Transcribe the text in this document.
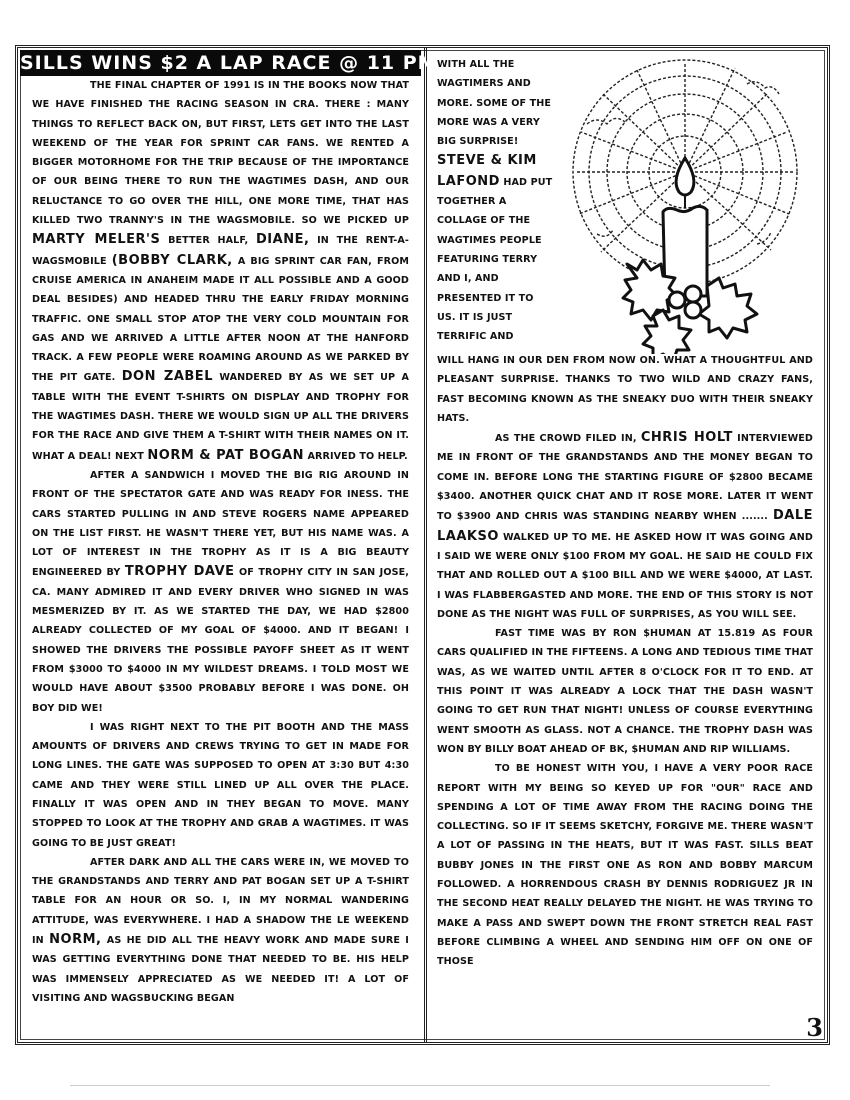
SILLS WINS $2 A LAP RACE @ 11 PM

THE FINAL CHAPTER OF 1991 IS IN THE BOOKS NOW THAT WE HAVE FINISHED THE RACING SEASON IN CRA. THERE : MANY THINGS TO REFLECT BACK ON, BUT FIRST, LETS GET INTO THE LAST WEEKEND OF THE YEAR FOR SPRINT CAR FANS. WE RENTED A BIGGER MOTORHOME FOR THE TRIP BECAUSE OF THE IMPORTANCE OF OUR BEING THERE TO RUN THE WAGTIMES DASH, AND OUR RELUCTANCE TO GO OVER THE HILL, ONE MORE TIME, THAT HAS KILLED TWO TRANNY'S IN THE WAGSMOBILE. SO WE PICKED UP MARTY MELER'S BETTER HALF, DIANE, IN THE RENT-A-WAGSMOBILE (BOBBY CLARK, A BIG SPRINT CAR FAN, FROM CRUISE AMERICA IN ANAHEIM MADE IT ALL POSSIBLE AND A GOOD DEAL BESIDES) AND HEADED THRU THE EARLY FRIDAY MORNING TRAFFIC. ONE SMALL STOP ATOP THE VERY COLD MOUNTAIN FOR GAS AND WE ARRIVED A LITTLE AFTER NOON AT THE HANFORD TRACK. A FEW PEOPLE WERE ROAMING AROUND AS WE PARKED BY THE PIT GATE. DON ZABEL WANDERED BY AS WE SET UP A TABLE WITH THE EVENT T-SHIRTS ON DISPLAY AND TROPHY FOR THE WAGTIMES DASH. THERE WE WOULD SIGN UP ALL THE DRIVERS FOR THE RACE AND GIVE THEM A T-SHIRT WITH THEIR NAMES ON IT. WHAT A DEAL! NEXT NORM & PAT BOGAN ARRIVED TO HELP.

AFTER A SANDWICH I MOVED THE BIG RIG AROUND IN FRONT OF THE SPECTATOR GATE AND WAS READY FOR INESS. THE CARS STARTED PULLING IN AND STEVE ROGERS NAME APPEARED ON THE LIST FIRST. HE WASN'T THERE YET, BUT HIS NAME WAS. A LOT OF INTEREST IN THE TROPHY AS IT IS A BIG BEAUTY ENGINEERED BY TROPHY DAVE OF TROPHY CITY IN SAN JOSE, CA. MANY ADMIRED IT AND EVERY DRIVER WHO SIGNED IN WAS MESMERIZED BY IT. AS WE STARTED THE DAY, WE HAD $2800 ALREADY COLLECTED OF MY GOAL OF $4000. AND IT BEGAN! I SHOWED THE DRIVERS THE POSSIBLE PAYOFF SHEET AS IT WENT FROM $3000 TO $4000 IN MY WILDEST DREAMS. I TOLD MOST WE WOULD HAVE ABOUT $3500 PROBABLY BEFORE I WAS DONE. OH BOY DID WE!

I WAS RIGHT NEXT TO THE PIT BOOTH AND THE MASS AMOUNTS OF DRIVERS AND CREWS TRYING TO GET IN MADE FOR LONG LINES. THE GATE WAS SUPPOSED TO OPEN AT 3:30 BUT 4:30 CAME AND THEY WERE STILL LINED UP ALL OVER THE PLACE. FINALLY IT WAS OPEN AND IN THEY BEGAN TO MOVE. MANY STOPPED TO LOOK AT THE TROPHY AND GRAB A WAGTIMES. IT WAS GOING TO BE JUST GREAT!

AFTER DARK AND ALL THE CARS WERE IN, WE MOVED TO THE GRANDSTANDS AND TERRY AND PAT BOGAN SET UP A T-SHIRT TABLE FOR AN HOUR OR SO. I, IN MY NORMAL WANDERING ATTITUDE, WAS EVERYWHERE. I HAD A SHADOW THE LE WEEKEND IN NORM, AS HE DID ALL THE HEAVY WORK AND MADE SURE I WAS GETTING EVERYTHING DONE THAT NEEDED TO BE. HIS HELP WAS IMMENSELY APPRECIATED AS WE NEEDED IT! A LOT OF VISITING AND WAGSBUCKING BEGAN

WITH ALL THE WAGTIMERS AND MORE. SOME OF THE MORE WAS A VERY BIG SURPRISE! STEVE & KIM LAFOND HAD PUT TOGETHER A COLLAGE OF THE WAGTIMES PEOPLE FEATURING TERRY AND I, AND PRESENTED IT TO US. IT IS JUST TERRIFIC AND

WILL HANG IN OUR DEN FROM NOW ON. WHAT A THOUGHTFUL AND PLEASANT SURPRISE. THANKS TO TWO WILD AND CRAZY FANS, FAST BECOMING KNOWN AS THE SNEAKY DUO WITH THEIR SNEAKY HATS.

AS THE CROWD FILED IN, CHRIS HOLT INTERVIEWED ME IN FRONT OF THE GRANDSTANDS AND THE MONEY BEGAN TO COME IN. BEFORE LONG THE STARTING FIGURE OF $2800 BECAME $3400. ANOTHER QUICK CHAT AND IT ROSE MORE. LATER IT WENT TO $3900 AND CHRIS WAS STANDING NEARBY WHEN ....... DALE LAAKSO WALKED UP TO ME. HE ASKED HOW IT WAS GOING AND I SAID WE WERE ONLY $100 FROM MY GOAL. HE SAID HE COULD FIX THAT AND ROLLED OUT A $100 BILL AND WE WERE $4000, AT LAST. I WAS FLABBERGASTED AND MORE. THE END OF THIS STORY IS NOT DONE AS THE NIGHT WAS FULL OF SURPRISES, AS YOU WILL SEE.

FAST TIME WAS BY RON $HUMAN AT 15.819 AS FOUR CARS QUALIFIED IN THE FIFTEENS. A LONG AND TEDIOUS TIME THAT WAS, AS WE WAITED UNTIL AFTER 8 O'CLOCK FOR IT TO END. AT THIS POINT IT WAS ALREADY A LOCK THAT THE DASH WASN'T GOING TO GET RUN THAT NIGHT! UNLESS OF COURSE EVERYTHING WENT SMOOTH AS GLASS. NOT A CHANCE. THE TROPHY DASH WAS WON BY BILLY BOAT AHEAD OF BK, $HUMAN AND RIP WILLIAMS.

TO BE HONEST WITH YOU, I HAVE A VERY POOR RACE REPORT WITH MY BEING SO KEYED UP FOR "OUR" RACE AND SPENDING A LOT OF TIME AWAY FROM THE RACING DOING THE COLLECTING. SO IF IT SEEMS SKETCHY, FORGIVE ME. THERE WASN'T A LOT OF PASSING IN THE HEATS, BUT IT WAS FAST. SILLS BEAT BUBBY JONES IN THE FIRST ONE AS RON AND BOBBY MARCUM FOLLOWED. A HORRENDOUS CRASH BY DENNIS RODRIGUEZ JR IN THE SECOND HEAT REALLY DELAYED THE NIGHT. HE WAS TRYING TO MAKE A PASS AND SWEPT DOWN THE FRONT STRETCH REAL FAST BEFORE CLIMBING A WHEEL AND SENDING HIM OFF ON ONE OF THOSE

3
